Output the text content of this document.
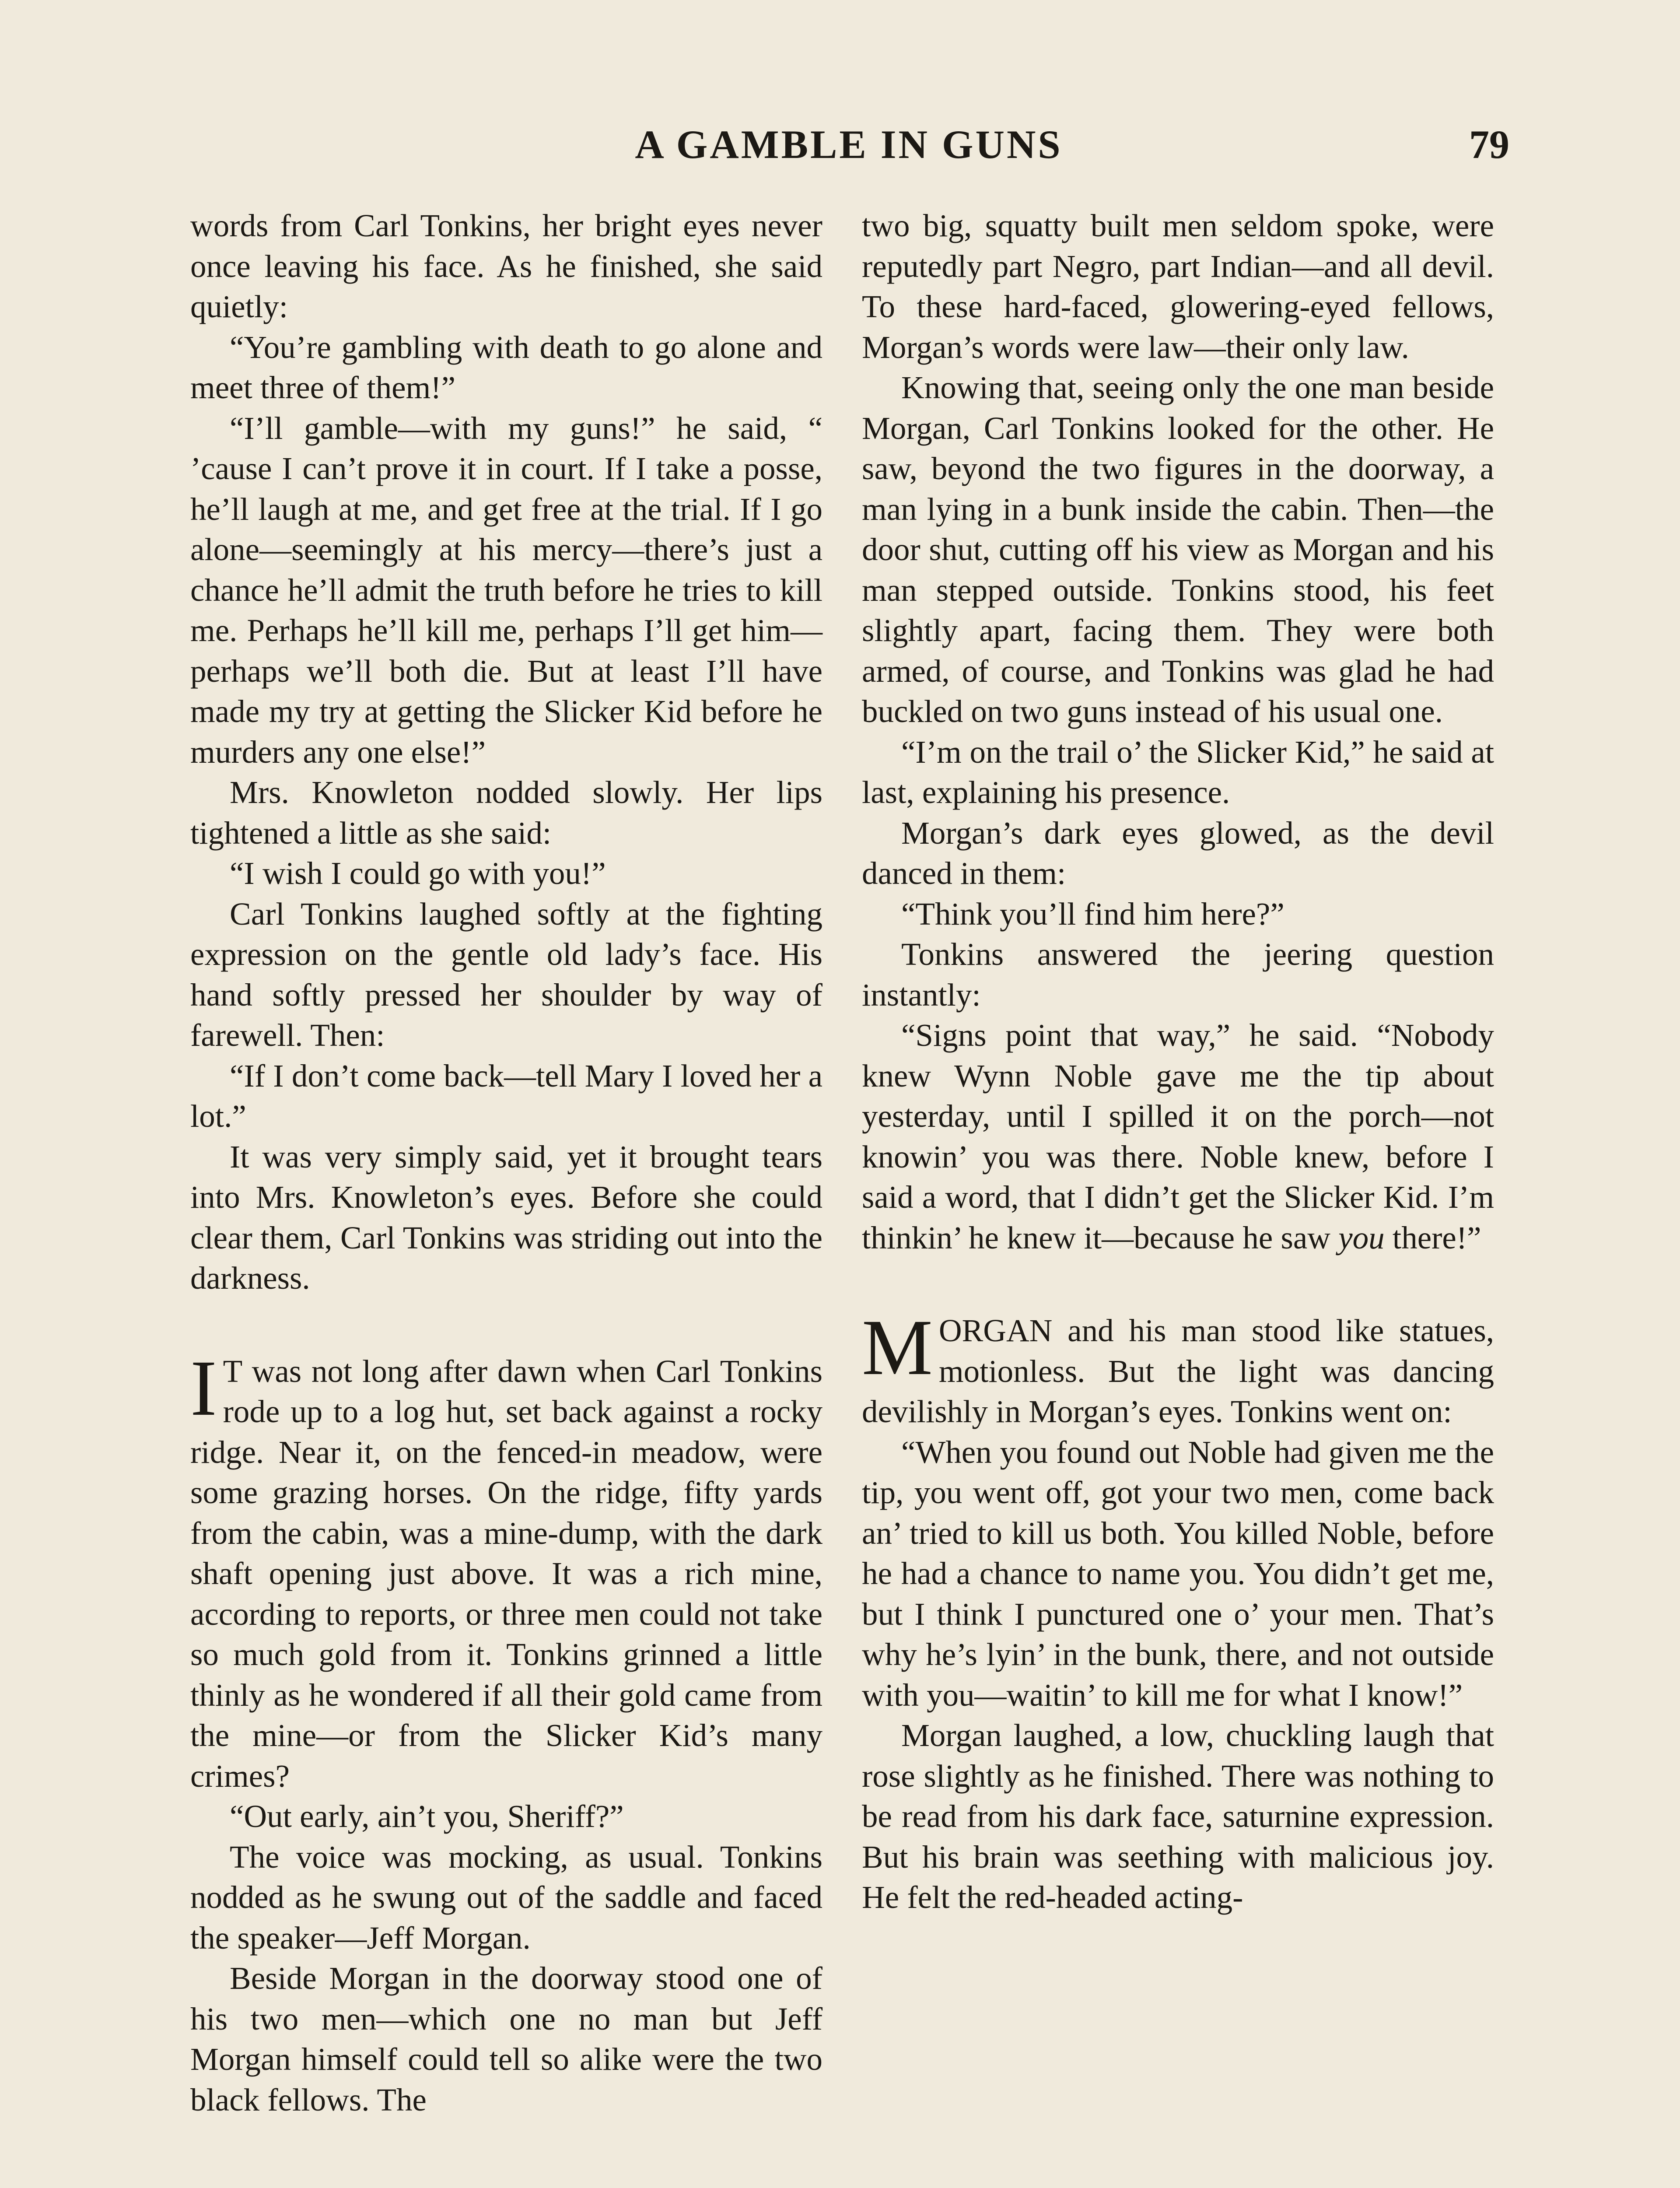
A GAMBLE IN GUNS	79

words from Carl Tonkins, her bright eyes never once leaving his face. As he finished, she said quietly:

“You’re gambling with death to go alone and meet three of them!”

“I’ll gamble—with my guns!” he said, “ ’cause I can’t prove it in court. If I take a posse, he’ll laugh at me, and get free at the trial. If I go alone—seemingly at his mercy—there’s just a chance he’ll admit the truth before he tries to kill me. Perhaps he’ll kill me, perhaps I’ll get him—perhaps we’ll both die. But at least I’ll have made my try at getting the Slicker Kid before he murders any one else!”

Mrs. Knowleton nodded slowly. Her lips tightened a little as she said:

“I wish I could go with you!”

Carl Tonkins laughed softly at the fighting expression on the gentle old lady’s face. His hand softly pressed her shoulder by way of farewell. Then:

“If I don’t come back—tell Mary I loved her a lot.”

It was very simply said, yet it brought tears into Mrs. Knowleton’s eyes. Before she could clear them, Carl Tonkins was striding out into the darkness.

I T was not long after dawn when Carl Tonkins rode up to a log hut, set back against a rocky ridge. Near it, on the fenced-in meadow, were some grazing horses. On the ridge, fifty yards from the cabin, was a mine-dump, with the dark shaft opening just above. It was a rich mine, according to reports, or three men could not take so much gold from it. Tonkins grinned a little thinly as he wondered if all their gold came from the mine—or from the Slicker Kid’s many crimes?

“Out early, ain’t you, Sheriff?”

The voice was mocking, as usual. Tonkins nodded as he swung out of the saddle and faced the speaker—Jeff Morgan.

Beside Morgan in the doorway stood one of his two men—which one no man but Jeff Morgan himself could tell so alike were the two black fellows. The

two big, squatty built men seldom spoke, were reputedly part Negro, part Indian—and all devil. To these hard-faced, glowering-eyed fellows, Morgan’s words were law—their only law.

Knowing that, seeing only the one man beside Morgan, Carl Tonkins looked for the other. He saw, beyond the two figures in the doorway, a man lying in a bunk inside the cabin. Then—the door shut, cutting off his view as Morgan and his man stepped outside. Tonkins stood, his feet slightly apart, facing them. They were both armed, of course, and Tonkins was glad he had buckled on two guns instead of his usual one.

“I’m on the trail o’ the Slicker Kid,” he said at last, explaining his presence.

Morgan’s dark eyes glowed, as the devil danced in them:

“Think you’ll find him here?”

Tonkins answered the jeering question instantly:

“Signs point that way,” he said. “Nobody knew Wynn Noble gave me the tip about yesterday, until I spilled it on the porch—not knowin’ you was there. Noble knew, before I said a word, that I didn’t get the Slicker Kid. I’m thinkin’ he knew it—because he saw you there!”

MORGAN and his man stood like statues, motionless. But the light was dancing devilishly in Morgan’s eyes. Tonkins went on:

“When you found out Noble had given me the tip, you went off, got your two men, come back an’ tried to kill us both. You killed Noble, before he had a chance to name you. You didn’t get me, but I think I punctured one o’ your men. That’s why he’s lyin’ in the bunk, there, and not outside with you—waitin’ to kill me for what I know!”

Morgan laughed, a low, chuckling laugh that rose slightly as he finished. There was nothing to be read from his dark face, saturnine expression. But his brain was seething with malicious joy. He felt the red-headed acting-
